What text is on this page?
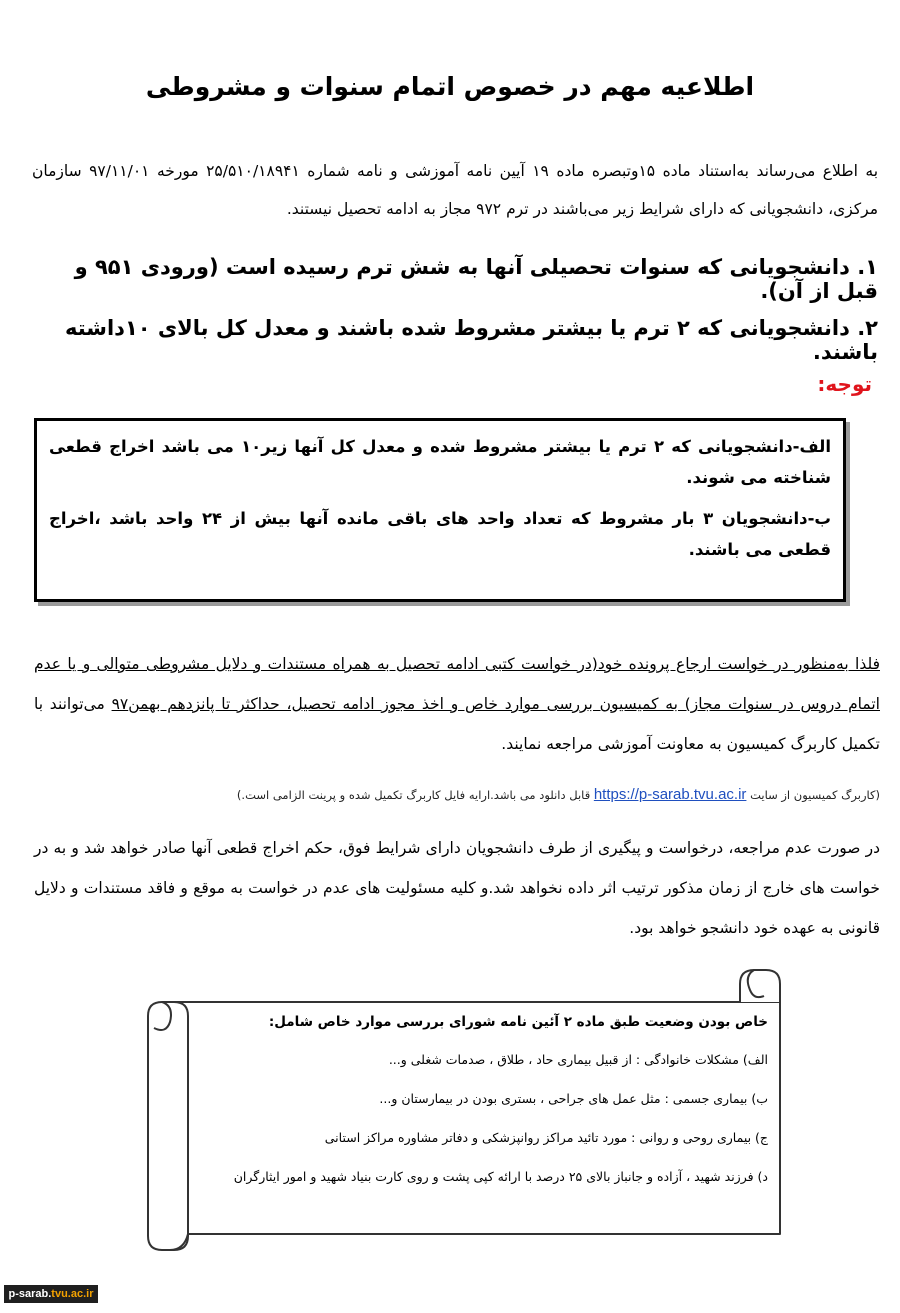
اطلاعیه مهم در خصوص اتمام سنوات و مشروطی
به اطلاع می‌رساند به‌استناد ماده ۱۵وتبصره ماده ۱۹ آیین نامه آموزشی و نامه شماره ۲۵/۵۱۰/۱۸۹۴۱ مورخه ۹۷/۱۱/۰۱ سازمان مرکزی، دانشجویانی که دارای شرایط زیر می‌باشند در ترم ۹۷۲ مجاز به ادامه تحصیل نیستند.
۱. دانشجویانی که سنوات تحصیلی آنها به شش ترم رسیده است (ورودی ۹۵۱ و قبل از آن).
۲. دانشجویانی که ۲ ترم یا بیشتر مشروط شده باشند و معدل کل بالای ۱۰داشته باشند.
توجه:

الف-دانشجویانی که ۲ ترم یا بیشتر مشروط شده و معدل کل آنها زیر۱۰ می باشد اخراج قطعی شناخته می شوند.

ب-دانشجویان ۳ بار مشروط که تعداد واحد های باقی مانده آنها بیش از ۲۴ واحد باشد ،اخراج قطعی می باشند.

فلذا به‌منظور در خواست ارجاع پرونده خود(در خواست کتبی ادامه تحصیل به همراه مستندات و دلایل مشروطی متوالی و یا عدم اتمام دروس در سنوات مجاز) به کمیسیون بررسی موارد خاص و اخذ مجوز ادامه تحصیل، حداکثر تا پانزدهم بهمن۹۷ می‌توانند با تکمیل کاربرگ کمیسیون به معاونت آموزشی مراجعه نمایند.
(کاربرگ کمیسیون از سایت https://p-sarab.tvu.ac.ir قابل دانلود می باشد.ارایه فایل کاربرگ تکمیل شده و پرینت الزامی است.)
در صورت عدم مراجعه، درخواست و پیگیری از طرف دانشجویان دارای شرایط فوق، حکم اخراج قطعی آنها صادر خواهد شد و به در خواست های خارج از زمان مذکور ترتیب اثر داده نخواهد شد.و کلیه مسئولیت های عدم در خواست به موقع و فاقد مستندات و دلایل قانونی به عهده خود دانشجو خواهد بود.
خاص بودن وضعیت طبق ماده ۲ آئین نامه شورای بررسی موارد خاص شامل:
الف) مشکلات خانوادگی : از قبیل بیماری حاد ، طلاق ، صدمات شغلی و...
ب) بیماری جسمی : مثل عمل های جراحی ، بستری بودن در بیمارستان و...
ج) بیماری روحی و روانی : مورد تائید مراکز روانپزشکی و دفاتر مشاوره مراکز استانی
د) فرزند شهید ، آزاده و جانباز بالای ۲۵ درصد با ارائه کپی پشت و روی کارت بنیاد شهید و امور ایثارگران
p-sarab.tvu.ac.ir
